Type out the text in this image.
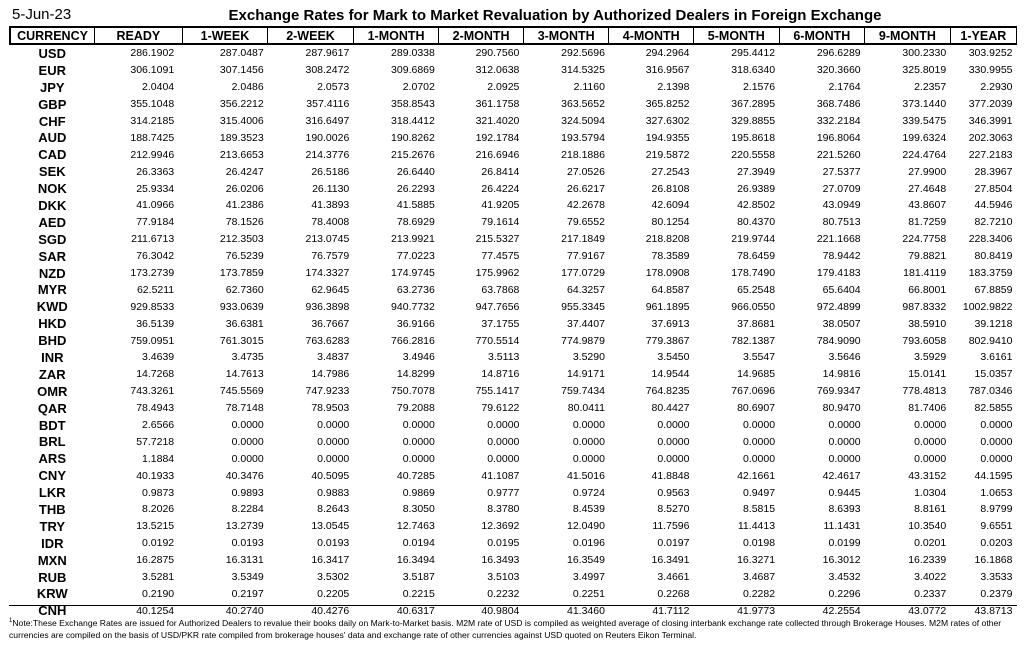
5-Jun-23	Exchange Rates for Mark to Market Revaluation by Authorized Dealers in Foreign Exchange
CURRENCY	READY	1-WEEK	2-WEEK	1-MONTH	2-MONTH	3-MONTH	4-MONTH	5-MONTH	6-MONTH	9-MONTH	1-YEAR
USD	286.1902	287.0487	287.9617	289.0338	290.7560	292.5696	294.2964	295.4412	296.6289	300.2330	303.9252
EUR	306.1091	307.1456	308.2472	309.6869	312.0638	314.5325	316.9567	318.6340	320.3660	325.8019	330.9955
JPY	2.0404	2.0486	2.0573	2.0702	2.0925	2.1160	2.1398	2.1576	2.1764	2.2357	2.2930
GBP	355.1048	356.2212	357.4116	358.8543	361.1758	363.5652	365.8252	367.2895	368.7486	373.1440	377.2039
CHF	314.2185	315.4006	316.6497	318.4412	321.4020	324.5094	327.6302	329.8855	332.2184	339.5475	346.3991
AUD	188.7425	189.3523	190.0026	190.8262	192.1784	193.5794	194.9355	195.8618	196.8064	199.6324	202.3063
CAD	212.9946	213.6653	214.3776	215.2676	216.6946	218.1886	219.5872	220.5558	221.5260	224.4764	227.2183
SEK	26.3363	26.4247	26.5186	26.6440	26.8414	27.0526	27.2543	27.3949	27.5377	27.9900	28.3967
NOK	25.9334	26.0206	26.1130	26.2293	26.4224	26.6217	26.8108	26.9389	27.0709	27.4648	27.8504
DKK	41.0966	41.2386	41.3893	41.5885	41.9205	42.2678	42.6094	42.8502	43.0949	43.8607	44.5946
AED	77.9184	78.1526	78.4008	78.6929	79.1614	79.6552	80.1254	80.4370	80.7513	81.7259	82.7210
SGD	211.6713	212.3503	213.0745	213.9921	215.5327	217.1849	218.8208	219.9744	221.1668	224.7758	228.3406
SAR	76.3042	76.5239	76.7579	77.0223	77.4575	77.9167	78.3589	78.6459	78.9442	79.8821	80.8419
NZD	173.2739	173.7859	174.3327	174.9745	175.9962	177.0729	178.0908	178.7490	179.4183	181.4119	183.3759
MYR	62.5211	62.7360	62.9645	63.2736	63.7868	64.3257	64.8587	65.2548	65.6404	66.8001	67.8859
KWD	929.8533	933.0639	936.3898	940.7732	947.7656	955.3345	961.1895	966.0550	972.4899	987.8332	1002.9822
HKD	36.5139	36.6381	36.7667	36.9166	37.1755	37.4407	37.6913	37.8681	38.0507	38.5910	39.1218
BHD	759.0951	761.3015	763.6283	766.2816	770.5514	774.9879	779.3867	782.1387	784.9090	793.6058	802.9410
INR	3.4639	3.4735	3.4837	3.4946	3.5113	3.5290	3.5450	3.5547	3.5646	3.5929	3.6161
ZAR	14.7268	14.7613	14.7986	14.8299	14.8716	14.9171	14.9544	14.9685	14.9816	15.0141	15.0357
OMR	743.3261	745.5569	747.9233	750.7078	755.1417	759.7434	764.8235	767.0696	769.9347	778.4813	787.0346
QAR	78.4943	78.7148	78.9503	79.2088	79.6122	80.0411	80.4427	80.6907	80.9470	81.7406	82.5855
BDT	2.6566	0.0000	0.0000	0.0000	0.0000	0.0000	0.0000	0.0000	0.0000	0.0000	0.0000
BRL	57.7218	0.0000	0.0000	0.0000	0.0000	0.0000	0.0000	0.0000	0.0000	0.0000	0.0000
ARS	1.1884	0.0000	0.0000	0.0000	0.0000	0.0000	0.0000	0.0000	0.0000	0.0000	0.0000
CNY	40.1933	40.3476	40.5095	40.7285	41.1087	41.5016	41.8848	42.1661	42.4617	43.3152	44.1595
LKR	0.9873	0.9893	0.9883	0.9869	0.9777	0.9724	0.9563	0.9497	0.9445	1.0304	1.0653
THB	8.2026	8.2284	8.2643	8.3050	8.3780	8.4539	8.5270	8.5815	8.6393	8.8161	8.9799
TRY	13.5215	13.2739	13.0545	12.7463	12.3692	12.0490	11.7596	11.4413	11.1431	10.3540	9.6551
IDR	0.0192	0.0193	0.0193	0.0194	0.0195	0.0196	0.0197	0.0198	0.0199	0.0201	0.0203
MXN	16.2875	16.3131	16.3417	16.3494	16.3493	16.3549	16.3491	16.3271	16.3012	16.2339	16.1868
RUB	3.5281	3.5349	3.5302	3.5187	3.5103	3.4997	3.4661	3.4687	3.4532	3.4022	3.3533
KRW	0.2190	0.2197	0.2205	0.2215	0.2232	0.2251	0.2268	0.2282	0.2296	0.2337	0.2379
CNH	40.1254	40.2740	40.4276	40.6317	40.9804	41.3460	41.7112	41.9773	42.2554	43.0772	43.8713
$^1$Note:These Exchange Rates are issued for Authorized Dealers to revalue their books daily on Mark-to-Market basis. M2M rate of USD is compiled as weighted average of closing interbank exchange rate collected through Brokerage Houses. M2M rates of other currencies are compiled on the basis of USD/PKR rate compiled from brokerage houses' data and exchange rate of other currencies against USD quoted on Reuters Eikon Terminal.
